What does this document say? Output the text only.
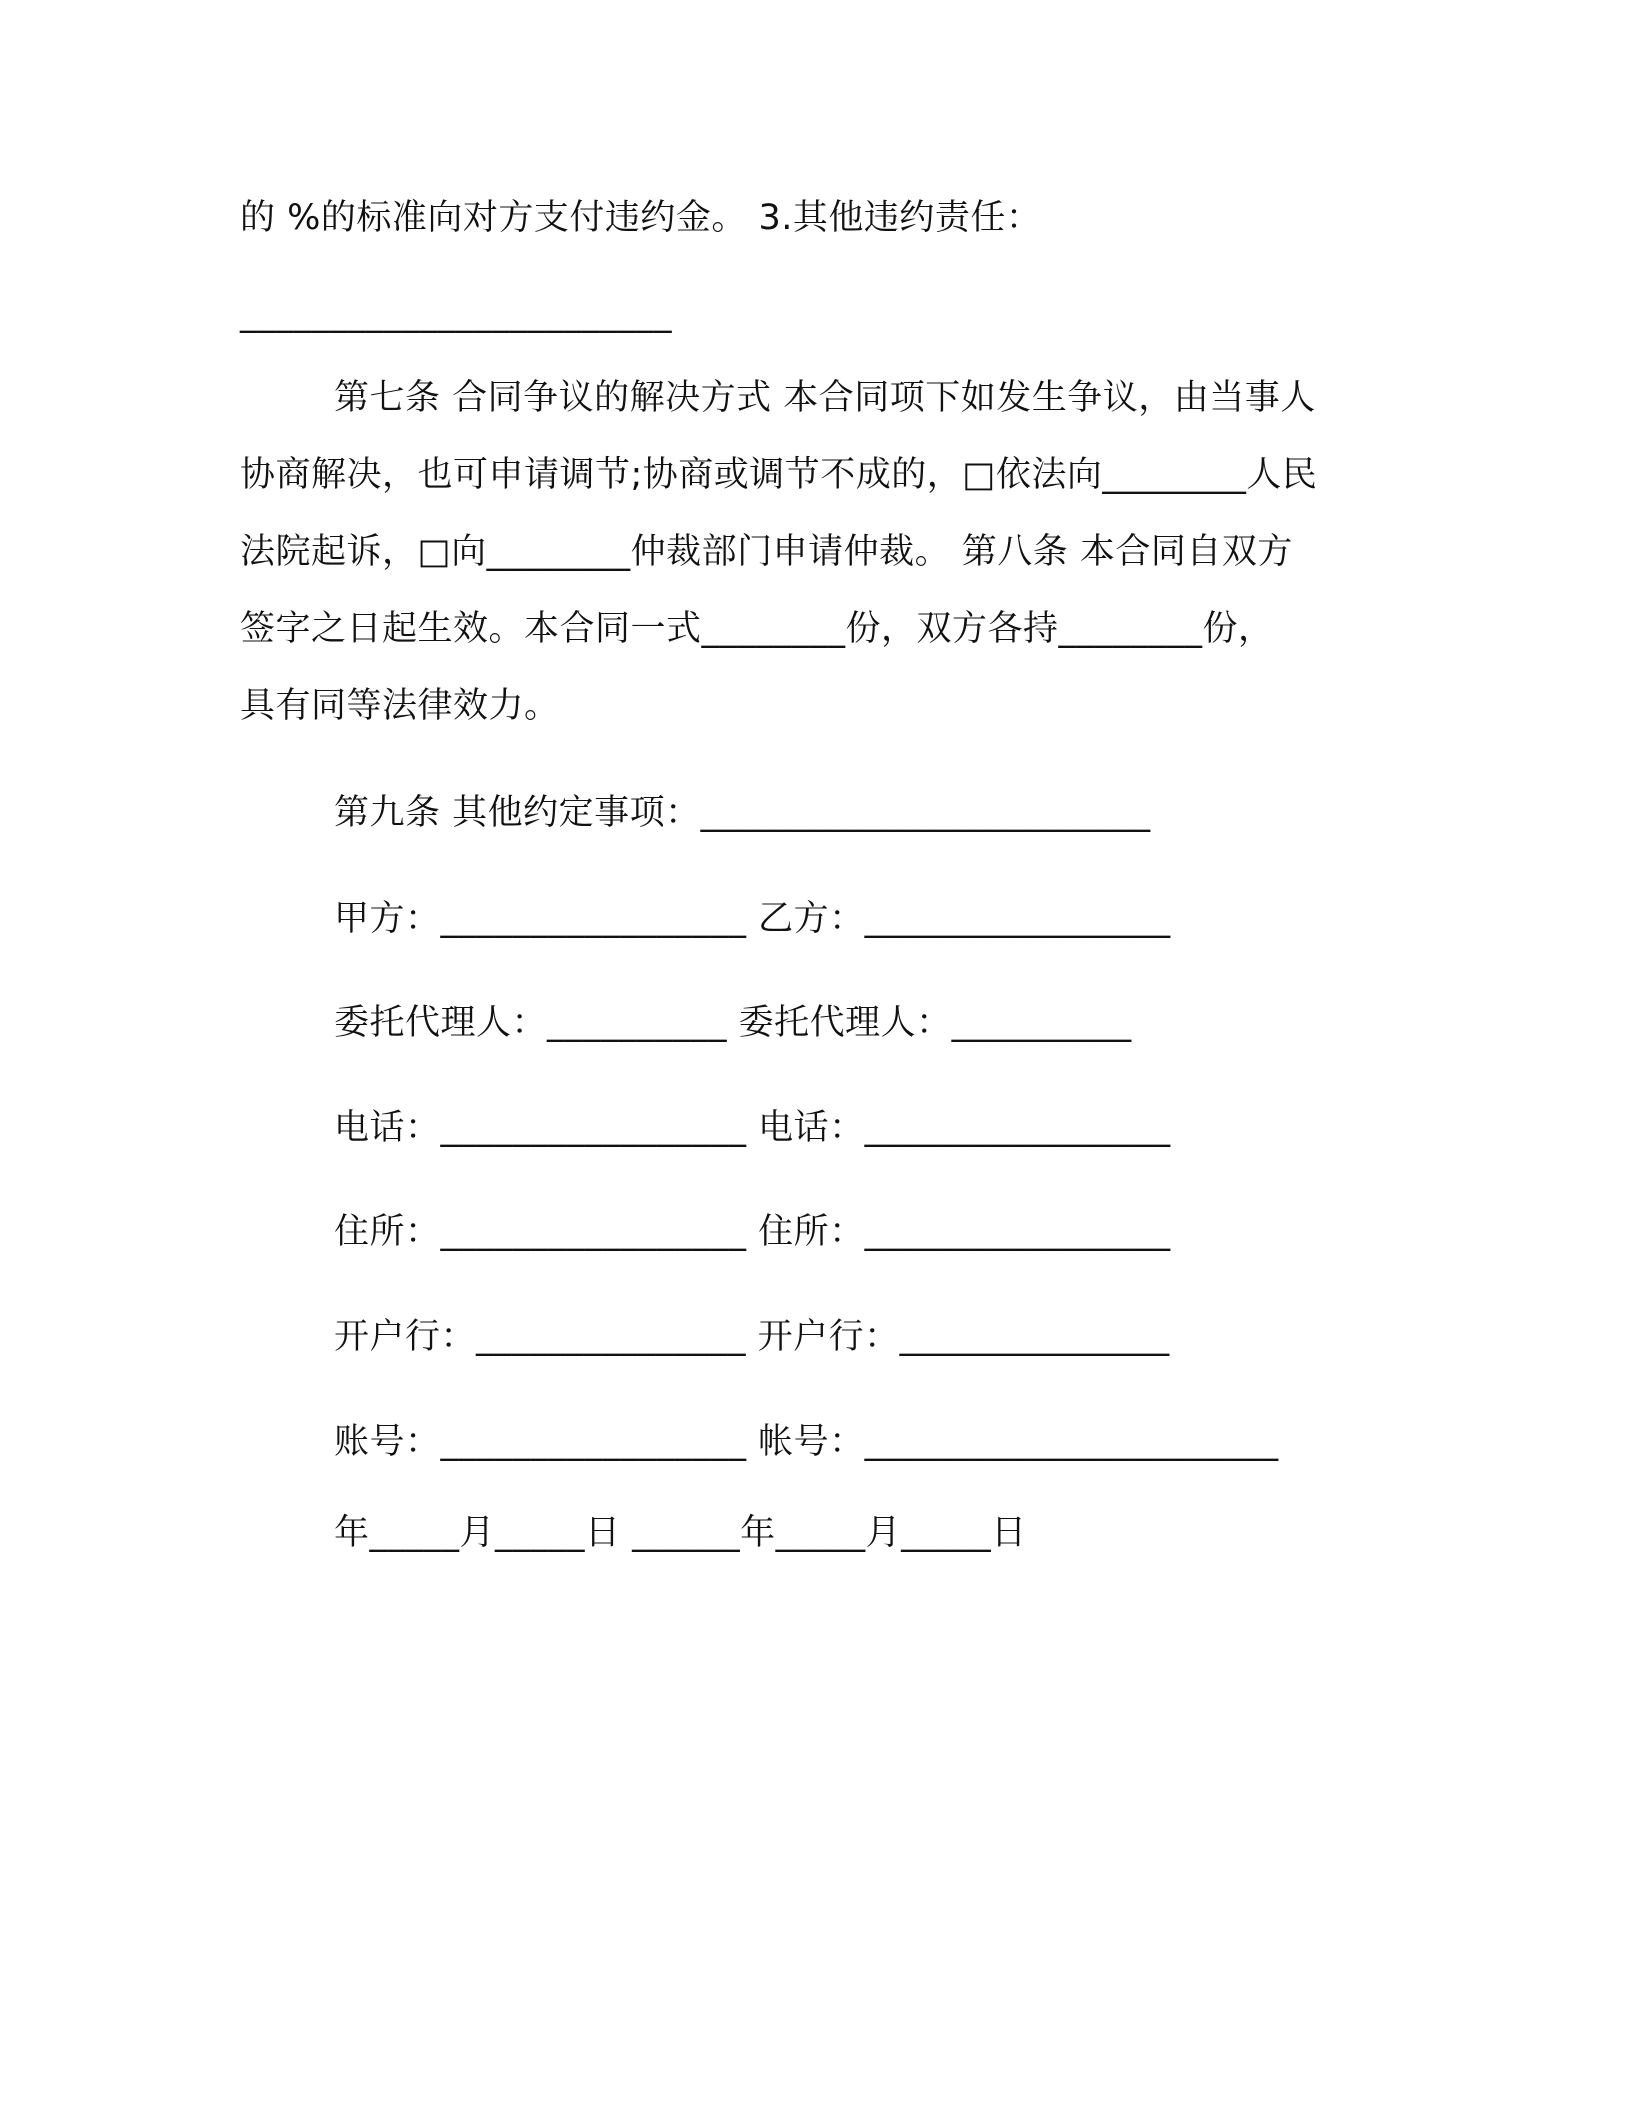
的 %的标准向对方支付违约金。 3.其他违约责任：
________________________
第七条 合同争议的解决方式 本合同项下如发生争议，由当事人
协商解决，也可申请调节;协商或调节不成的，□依法向________人民
法院起诉，□向________仲裁部门申请仲裁。 第八条 本合同自双方
签字之日起生效。本合同一式________份，双方各持________份，
具有同等法律效力。
第九条 其他约定事项：_________________________
甲方：_________________ 乙方：_________________
委托代理人：__________ 委托代理人：__________
电话：_________________ 电话：_________________
住所：_________________ 住所：_________________
开户行：_______________ 开户行：_______________
账号：_________________ 帐号：_______________________
年_____月_____日 ______年_____月_____日
